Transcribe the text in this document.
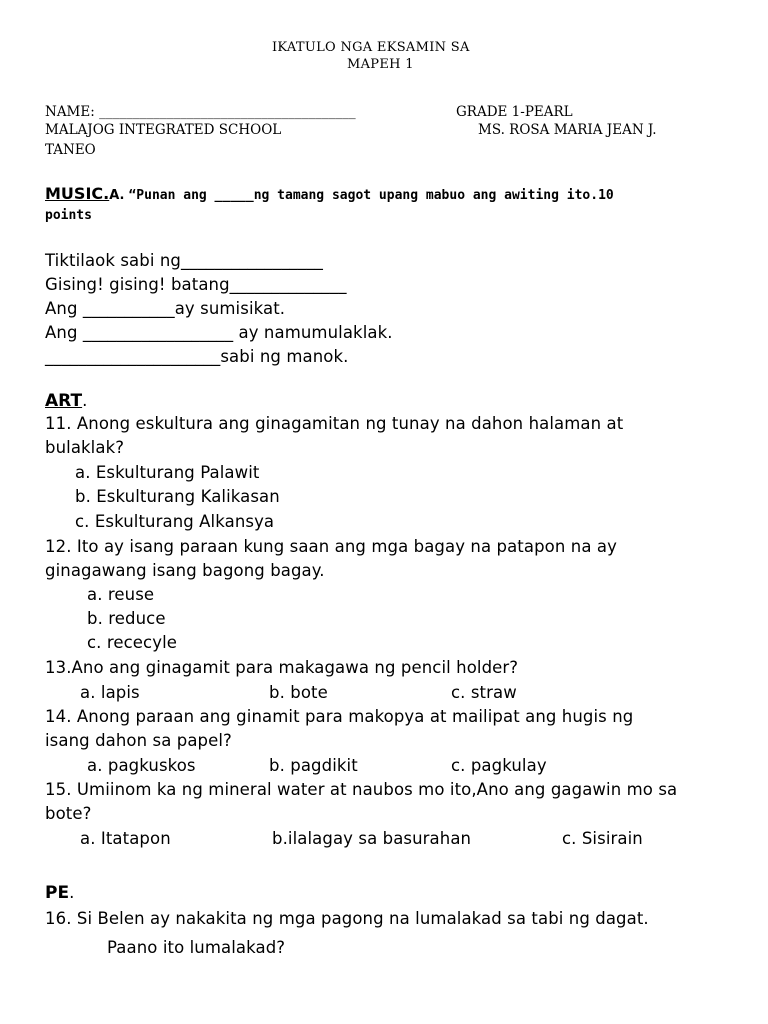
IKATULO NGA EKSAMIN SA
MAPEH 1
NAME: ______________________________________	GRADE 1-PEARL
MALAJOG INTEGRATED SCHOOL	MS. ROSA MARIA JEAN J.
TANEO
MUSIC.A. “Punan ang _____ng tamang sagot upang mabuo ang awiting ito.10
points
Tiktilaok sabi ng_________________
Gising! gising! batang______________
Ang ___________ay sumisikat.
Ang __________________ ay namumulaklak.
_____________________sabi ng manok.
ART.
11. Anong eskultura ang ginagamitan ng tunay na dahon halaman at
bulaklak?
a. Eskulturang Palawit
b. Eskulturang Kalikasan
c. Eskulturang Alkansya
12. Ito ay isang paraan kung saan ang mga bagay na patapon na ay
ginagawang isang bagong bagay.
a. reuse
b. reduce
c. rececyle
13.Ano ang ginagamit para makagawa ng pencil holder?
a. lapis	b. bote	c. straw
14. Anong paraan ang ginamit para makopya at mailipat ang hugis ng
isang dahon sa papel?
a. pagkuskos	b. pagdikit	c. pagkulay
15. Umiinom ka ng mineral water at naubos mo ito,Ano ang gagawin mo sa
bote?
a. Itatapon	b.ilalagay sa basurahan	c. Sisirain
PE.
16. Si Belen ay nakakita ng mga pagong na lumalakad sa tabi ng dagat.
Paano ito lumalakad?
